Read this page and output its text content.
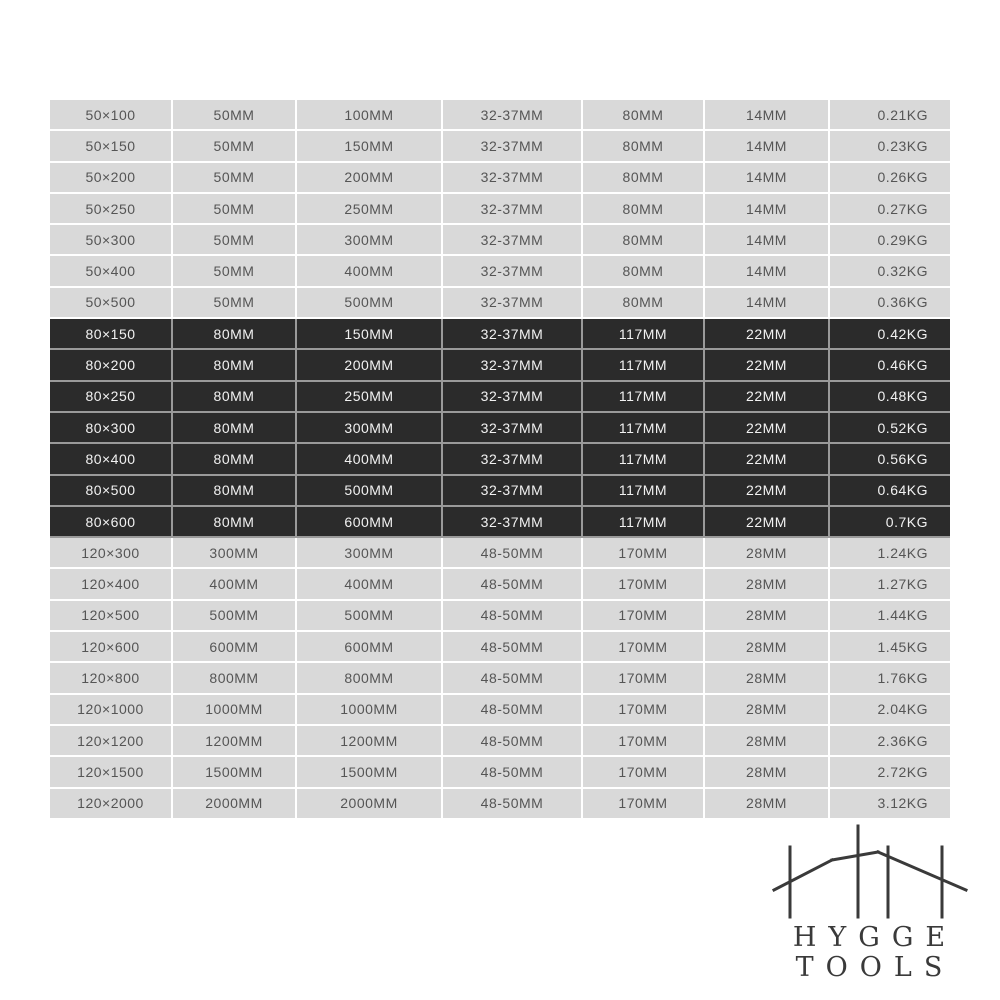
50×100	50MM	100MM	32-37MM	80MM	14MM	0.21KG
50×150	50MM	150MM	32-37MM	80MM	14MM	0.23KG
50×200	50MM	200MM	32-37MM	80MM	14MM	0.26KG
50×250	50MM	250MM	32-37MM	80MM	14MM	0.27KG
50×300	50MM	300MM	32-37MM	80MM	14MM	0.29KG
50×400	50MM	400MM	32-37MM	80MM	14MM	0.32KG
50×500	50MM	500MM	32-37MM	80MM	14MM	0.36KG
80×150	80MM	150MM	32-37MM	117MM	22MM	0.42KG
80×200	80MM	200MM	32-37MM	117MM	22MM	0.46KG
80×250	80MM	250MM	32-37MM	117MM	22MM	0.48KG
80×300	80MM	300MM	32-37MM	117MM	22MM	0.52KG
80×400	80MM	400MM	32-37MM	117MM	22MM	0.56KG
80×500	80MM	500MM	32-37MM	117MM	22MM	0.64KG
80×600	80MM	600MM	32-37MM	117MM	22MM	0.7KG
120×300	300MM	300MM	48-50MM	170MM	28MM	1.24KG
120×400	400MM	400MM	48-50MM	170MM	28MM	1.27KG
120×500	500MM	500MM	48-50MM	170MM	28MM	1.44KG
120×600	600MM	600MM	48-50MM	170MM	28MM	1.45KG
120×800	800MM	800MM	48-50MM	170MM	28MM	1.76KG
120×1000	1000MM	1000MM	48-50MM	170MM	28MM	2.04KG
120×1200	1200MM	1200MM	48-50MM	170MM	28MM	2.36KG
120×1500	1500MM	1500MM	48-50MM	170MM	28MM	2.72KG
120×2000	2000MM	2000MM	48-50MM	170MM	28MM	3.12KG
HYGGE
TOOLS
